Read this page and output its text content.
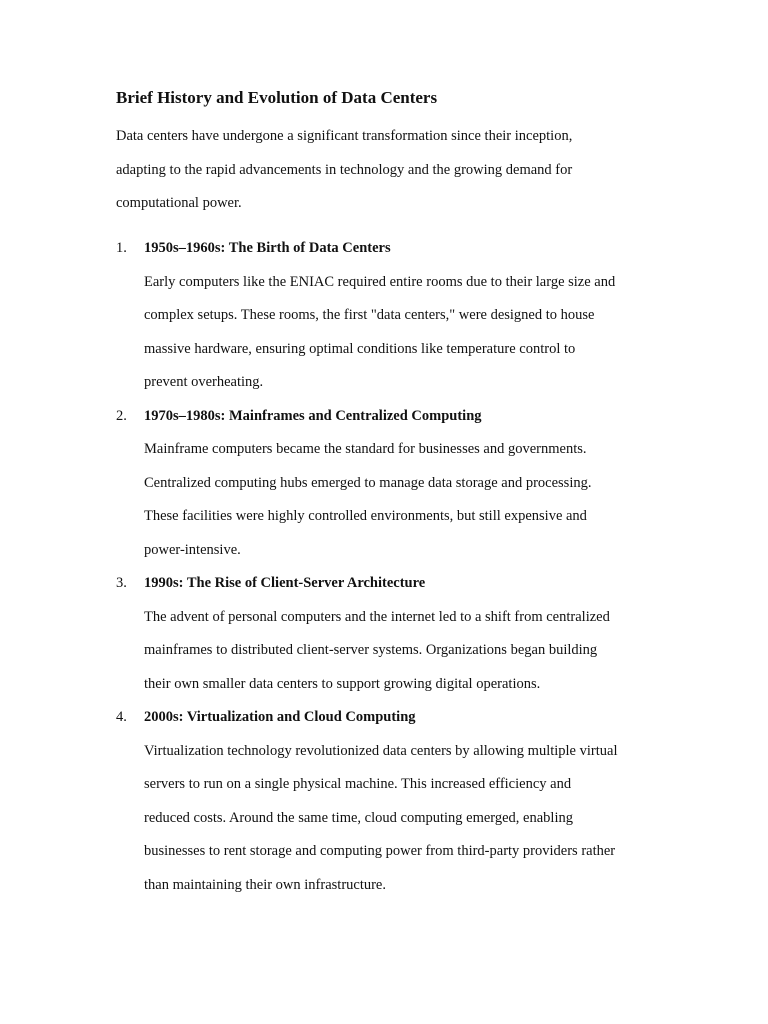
Brief History and Evolution of Data Centers
Data centers have undergone a significant transformation since their inception,
adapting to the rapid advancements in technology and the growing demand for
computational power.
1. 1950s–1960s: The Birth of Data Centers
Early computers like the ENIAC required entire rooms due to their large size and
complex setups. These rooms, the first "data centers," were designed to house
massive hardware, ensuring optimal conditions like temperature control to
prevent overheating.
2. 1970s–1980s: Mainframes and Centralized Computing
Mainframe computers became the standard for businesses and governments.
Centralized computing hubs emerged to manage data storage and processing.
These facilities were highly controlled environments, but still expensive and
power-intensive.
3. 1990s: The Rise of Client-Server Architecture
The advent of personal computers and the internet led to a shift from centralized
mainframes to distributed client-server systems. Organizations began building
their own smaller data centers to support growing digital operations.
4. 2000s: Virtualization and Cloud Computing
Virtualization technology revolutionized data centers by allowing multiple virtual
servers to run on a single physical machine. This increased efficiency and
reduced costs. Around the same time, cloud computing emerged, enabling
businesses to rent storage and computing power from third-party providers rather
than maintaining their own infrastructure.
